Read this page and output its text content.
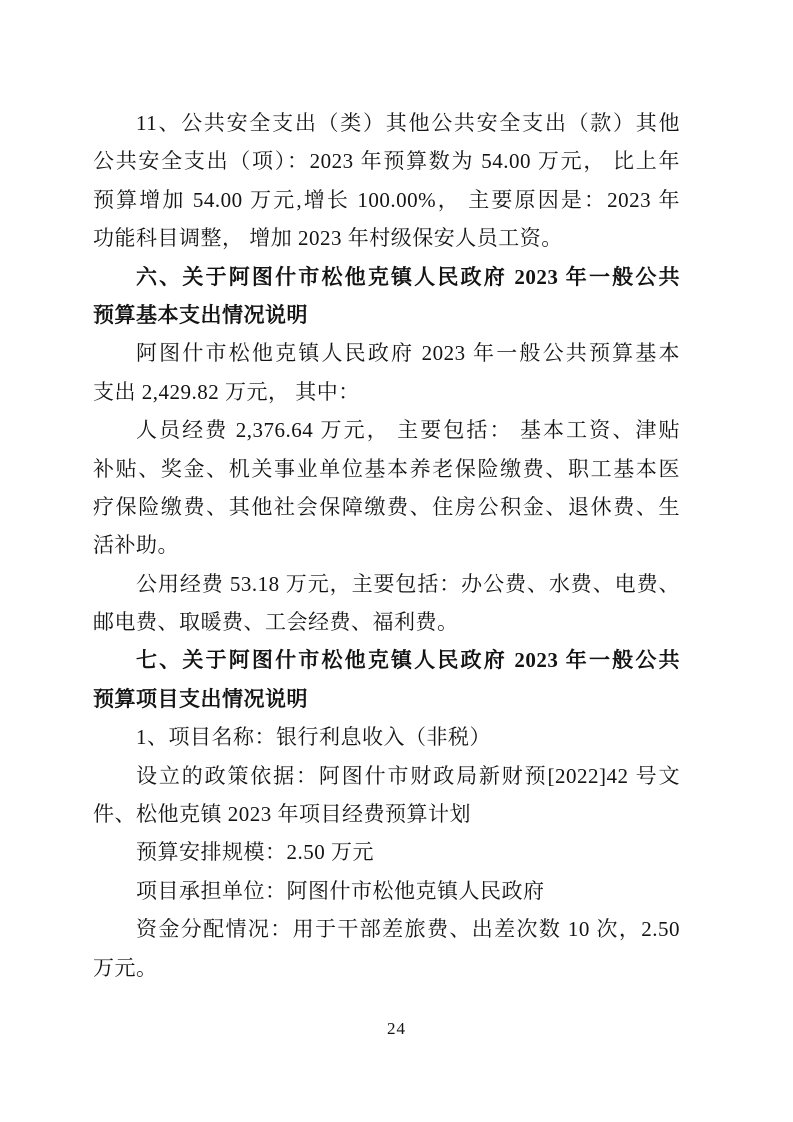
11、公共安全支出（类）其他公共安全支出（款）其他
公共安全支出（项）：2023 年预算数为 54.00 万元， 比上年
预算增加 54.00 万元,增长 100.00%， 主要原因是：2023 年
功能科目调整， 增加 2023 年村级保安人员工资。
六、关于阿图什市松他克镇人民政府 2023 年一般公共
预算基本支出情况说明
阿图什市松他克镇人民政府 2023 年一般公共预算基本
支出 2,429.82 万元， 其中：
人员经费 2,376.64 万元， 主要包括： 基本工资、津贴
补贴、奖金、机关事业单位基本养老保险缴费、职工基本医
疗保险缴费、其他社会保障缴费、住房公积金、退休费、生
活补助。
公用经费 53.18 万元，主要包括：办公费、水费、电费、
邮电费、取暖费、工会经费、福利费。
七、关于阿图什市松他克镇人民政府 2023 年一般公共
预算项目支出情况说明
1、项目名称：银行利息收入（非税）
设立的政策依据：阿图什市财政局新财预[2022]42 号文
件、松他克镇 2023 年项目经费预算计划
预算安排规模：2.50 万元
项目承担单位：阿图什市松他克镇人民政府
资金分配情况：用于干部差旅费、出差次数 10 次，2.50
万元。
24
